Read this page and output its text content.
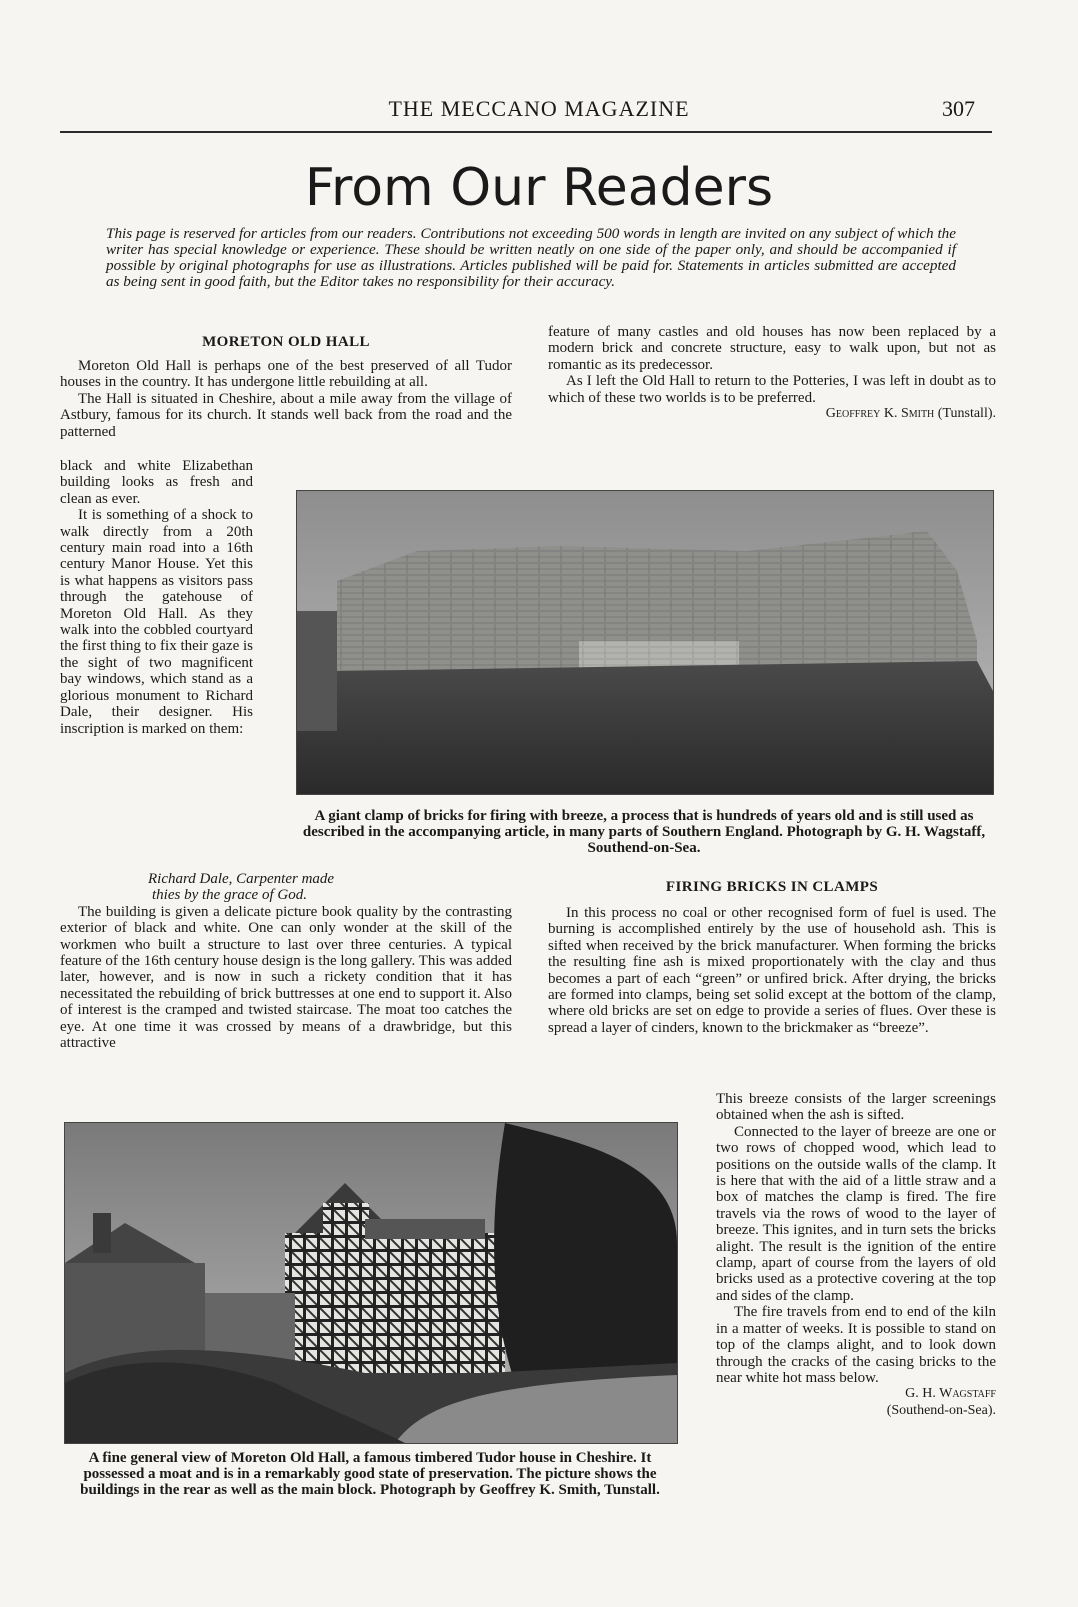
THE MECCANO MAGAZINE	307
From Our Readers
This page is reserved for articles from our readers. Contributions not exceeding 500 words in length are invited on any subject of which the writer has special knowledge or experience. These should be written neatly on one side of the paper only, and should be accompanied if possible by original photographs for use as illustrations. Articles published will be paid for. Statements in articles submitted are accepted as being sent in good faith, but the Editor takes no responsibility for their accuracy.
MORETON OLD HALL

Moreton Old Hall is perhaps one of the best preserved of all Tudor houses in the country. It has undergone little rebuilding at all.

The Hall is situated in Cheshire, about a mile away from the village of Astbury, famous for its church. It stands well back from the road and the patterned

black and white Elizabethan building looks as fresh and clean as ever.

It is something of a shock to walk directly from a 20th century main road into a 16th century Manor House. Yet this is what happens as visitors pass through the gatehouse of Moreton Old Hall. As they walk into the cobbled courtyard the first thing to fix their gaze is the sight of two magnificent bay windows, which stand as a glorious monument to Richard Dale, their designer. His inscription is marked on them:

Richard Dale, Carpenter made

thies by the grace of God.

The building is given a delicate picture book quality by the contrasting exterior of black and white. One can only wonder at the skill of the workmen who built a structure to last over three centuries. A typical feature of the 16th century house design is the long gallery. This was added later, however, and is now in such a rickety condition that it has necessitated the rebuilding of brick buttresses at one end to support it. Also of interest is the cramped and twisted staircase. The moat too catches the eye. At one time it was crossed by means of a drawbridge, but this attractive

feature of many castles and old houses has now been replaced by a modern brick and concrete structure, easy to walk upon, but not as romantic as its predecessor.

As I left the Old Hall to return to the Potteries, I was left in doubt as to which of these two worlds is to be preferred.

Geoffrey K. Smith (Tunstall).
A giant clamp of bricks for firing with breeze, a process that is hundreds of years old and is still used as described in the accompanying article, in many parts of Southern England. Photograph by G. H. Wagstaff, Southend-on-Sea.
FIRING BRICKS IN CLAMPS

In this process no coal or other recognised form of fuel is used. The burning is accomplished entirely by the use of household ash. This is sifted when received by the brick manufacturer. When forming the bricks the resulting fine ash is mixed proportionately with the clay and thus becomes a part of each “green” or unfired brick. After drying, the bricks are formed into clamps, being set solid except at the bottom of the clamp, where old bricks are set on edge to provide a series of flues. Over these is spread a layer of cinders, known to the brickmaker as “breeze”.

This breeze consists of the larger screenings obtained when the ash is sifted.

Connected to the layer of breeze are one or two rows of chopped wood, which lead to positions on the outside walls of the clamp. It is here that with the aid of a little straw and a box of matches the clamp is fired. The fire travels via the rows of wood to the layer of breeze. This ignites, and in turn sets the bricks alight. The result is the ignition of the entire clamp, apart of course from the layers of old bricks used as a protective covering at the top and sides of the clamp.

The fire travels from end to end of the kiln in a matter of weeks. It is possible to stand on top of the clamps alight, and to look down through the cracks of the casing bricks to the near white hot mass below.

G. H. Wagstaff
(Southend-on-Sea).
A fine general view of Moreton Old Hall, a famous timbered Tudor house in Cheshire. It possessed a moat and is in a remarkably good state of preservation. The picture shows the buildings in the rear as well as the main block. Photograph by Geoffrey K. Smith, Tunstall.
